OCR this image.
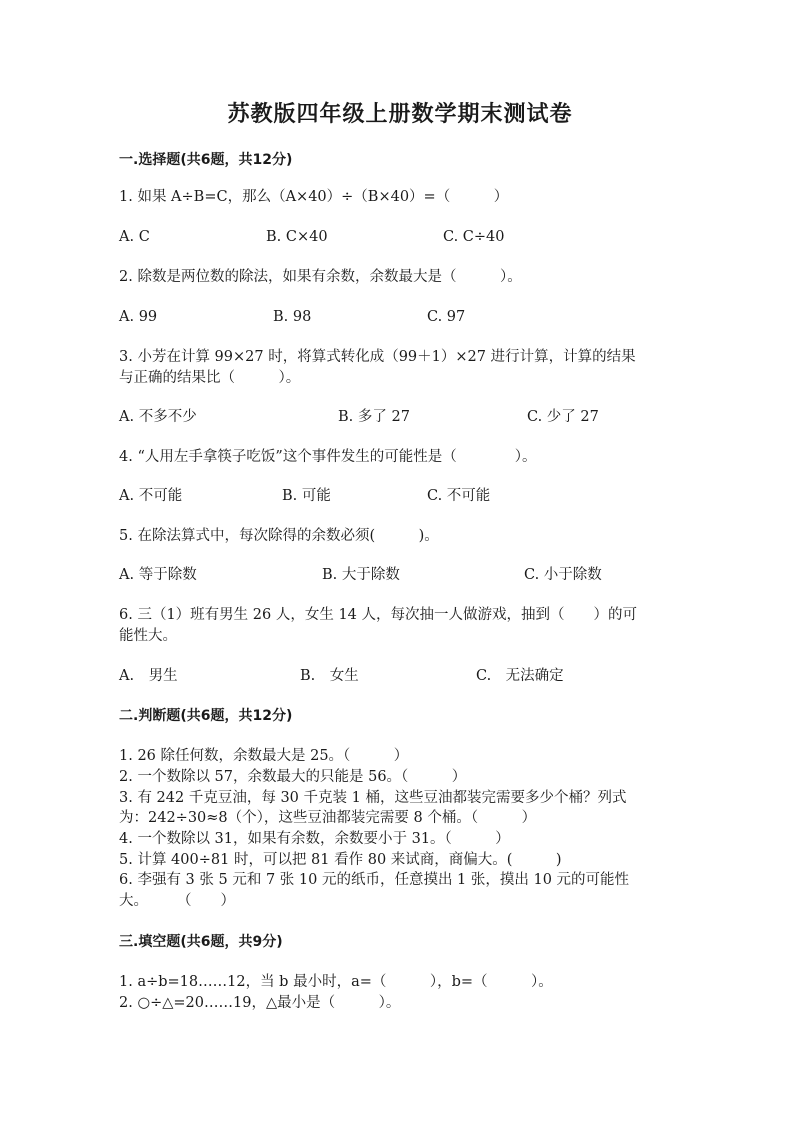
苏教版四年级上册数学期末测试卷
一.选择题(共6题，共12分)
1. 如果 A÷B=C，那么（A×40）÷（B×40）=（　　　）
A. C	B. C×40	C. C÷40
2. 除数是两位数的除法，如果有余数，余数最大是（　　　）。
A. 99	B. 98	C. 97
3. 小芳在计算 99×27 时，将算式转化成（99＋1）×27 进行计算，计算的结果
与正确的结果比（　　　）。
A. 不多不少	B. 多了 27	C. 少了 27
4. “人用左手拿筷子吃饭”这个事件发生的可能性是（　　　　）。
A. 不可能	B. 可能	C. 不可能
5. 在除法算式中，每次除得的余数必须(　　　)。
A. 等于除数	B. 大于除数	C. 小于除数
6. 三（1）班有男生 26 人，女生 14 人，每次抽一人做游戏，抽到（　　）的可
能性大。
A.　男生	B.　女生	C.　无法确定
二.判断题(共6题，共12分)
1. 26 除任何数，余数最大是 25。（　　　）
2. 一个数除以 57，余数最大的只能是 56。（　　　）
3. 有 242 千克豆油，每 30 千克装 1 桶，这些豆油都装完需要多少个桶？列式
为：242÷30≈8（个），这些豆油都装完需要 8 个桶。（　　　）
4. 一个数除以 31，如果有余数，余数要小于 31。（　　　）
5. 计算 400÷81 时，可以把 81 看作 80 来试商，商偏大。(　　　)
6. 李强有 3 张 5 元和 7 张 10 元的纸币，任意摸出 1 张，摸出 10 元的可能性
大。　　　（　　）
三.填空题(共6题，共9分)
1. a÷b=18……12，当 b 最小时，a=（　　　），b=（　　　）。
2. ○÷△=20……19，△最小是（　　　）。
